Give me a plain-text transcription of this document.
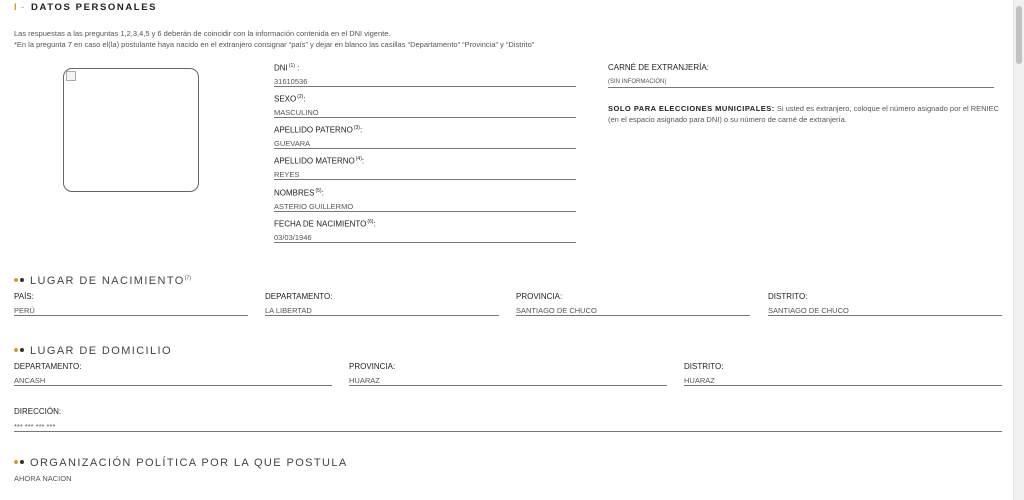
I - DATOS PERSONALES
Las respuestas a las preguntas 1,2,3,4,5 y 6 deberán de coincidir con la información contenida en el DNI vigente.
*En la pregunta 7 en caso el(la) postulante haya nacido en el extranjero consignar “país” y dejar en blanco las casillas “Departamento” “Provincia” y “Distrito”
DNI$^{(1)}$ :
31610536
SEXO$^{(2)}$:
MASCULINO
APELLIDO PATERNO$^{(3)}$:
GUEVARA
APELLIDO MATERNO$^{(4)}$:
REYES
NOMBRES$^{(5)}$:
ASTERIO GUILLERMO
FECHA DE NACIMIENTO$^{(6)}$:
03/03/1946
CARNÉ DE EXTRANJERÍA:
(SIN INFORMACIÓN)
SOLO PARA ELECCIONES MUNICIPALES: Si usted es extranjero, coloque el número asignado por el RENIEC (en el espacio asignado para DNI) o su número de carné de extranjería.
LUGAR DE NACIMIENTO$^{(7)}$
PAÍS:
PERÚ
DEPARTAMENTO:
LA LIBERTAD
PROVINCIA:
SANTIAGO DE CHUCO
DISTRITO:
SANTIAGO DE CHUCO
LUGAR DE DOMICILIO
DEPARTAMENTO:
ANCASH
PROVINCIA:
HUARAZ
DISTRITO:
HUARAZ
DIRECCIÓN:
*** *** *** ***
ORGANIZACIÓN POLÍTICA POR LA QUE POSTULA
AHORA NACION
